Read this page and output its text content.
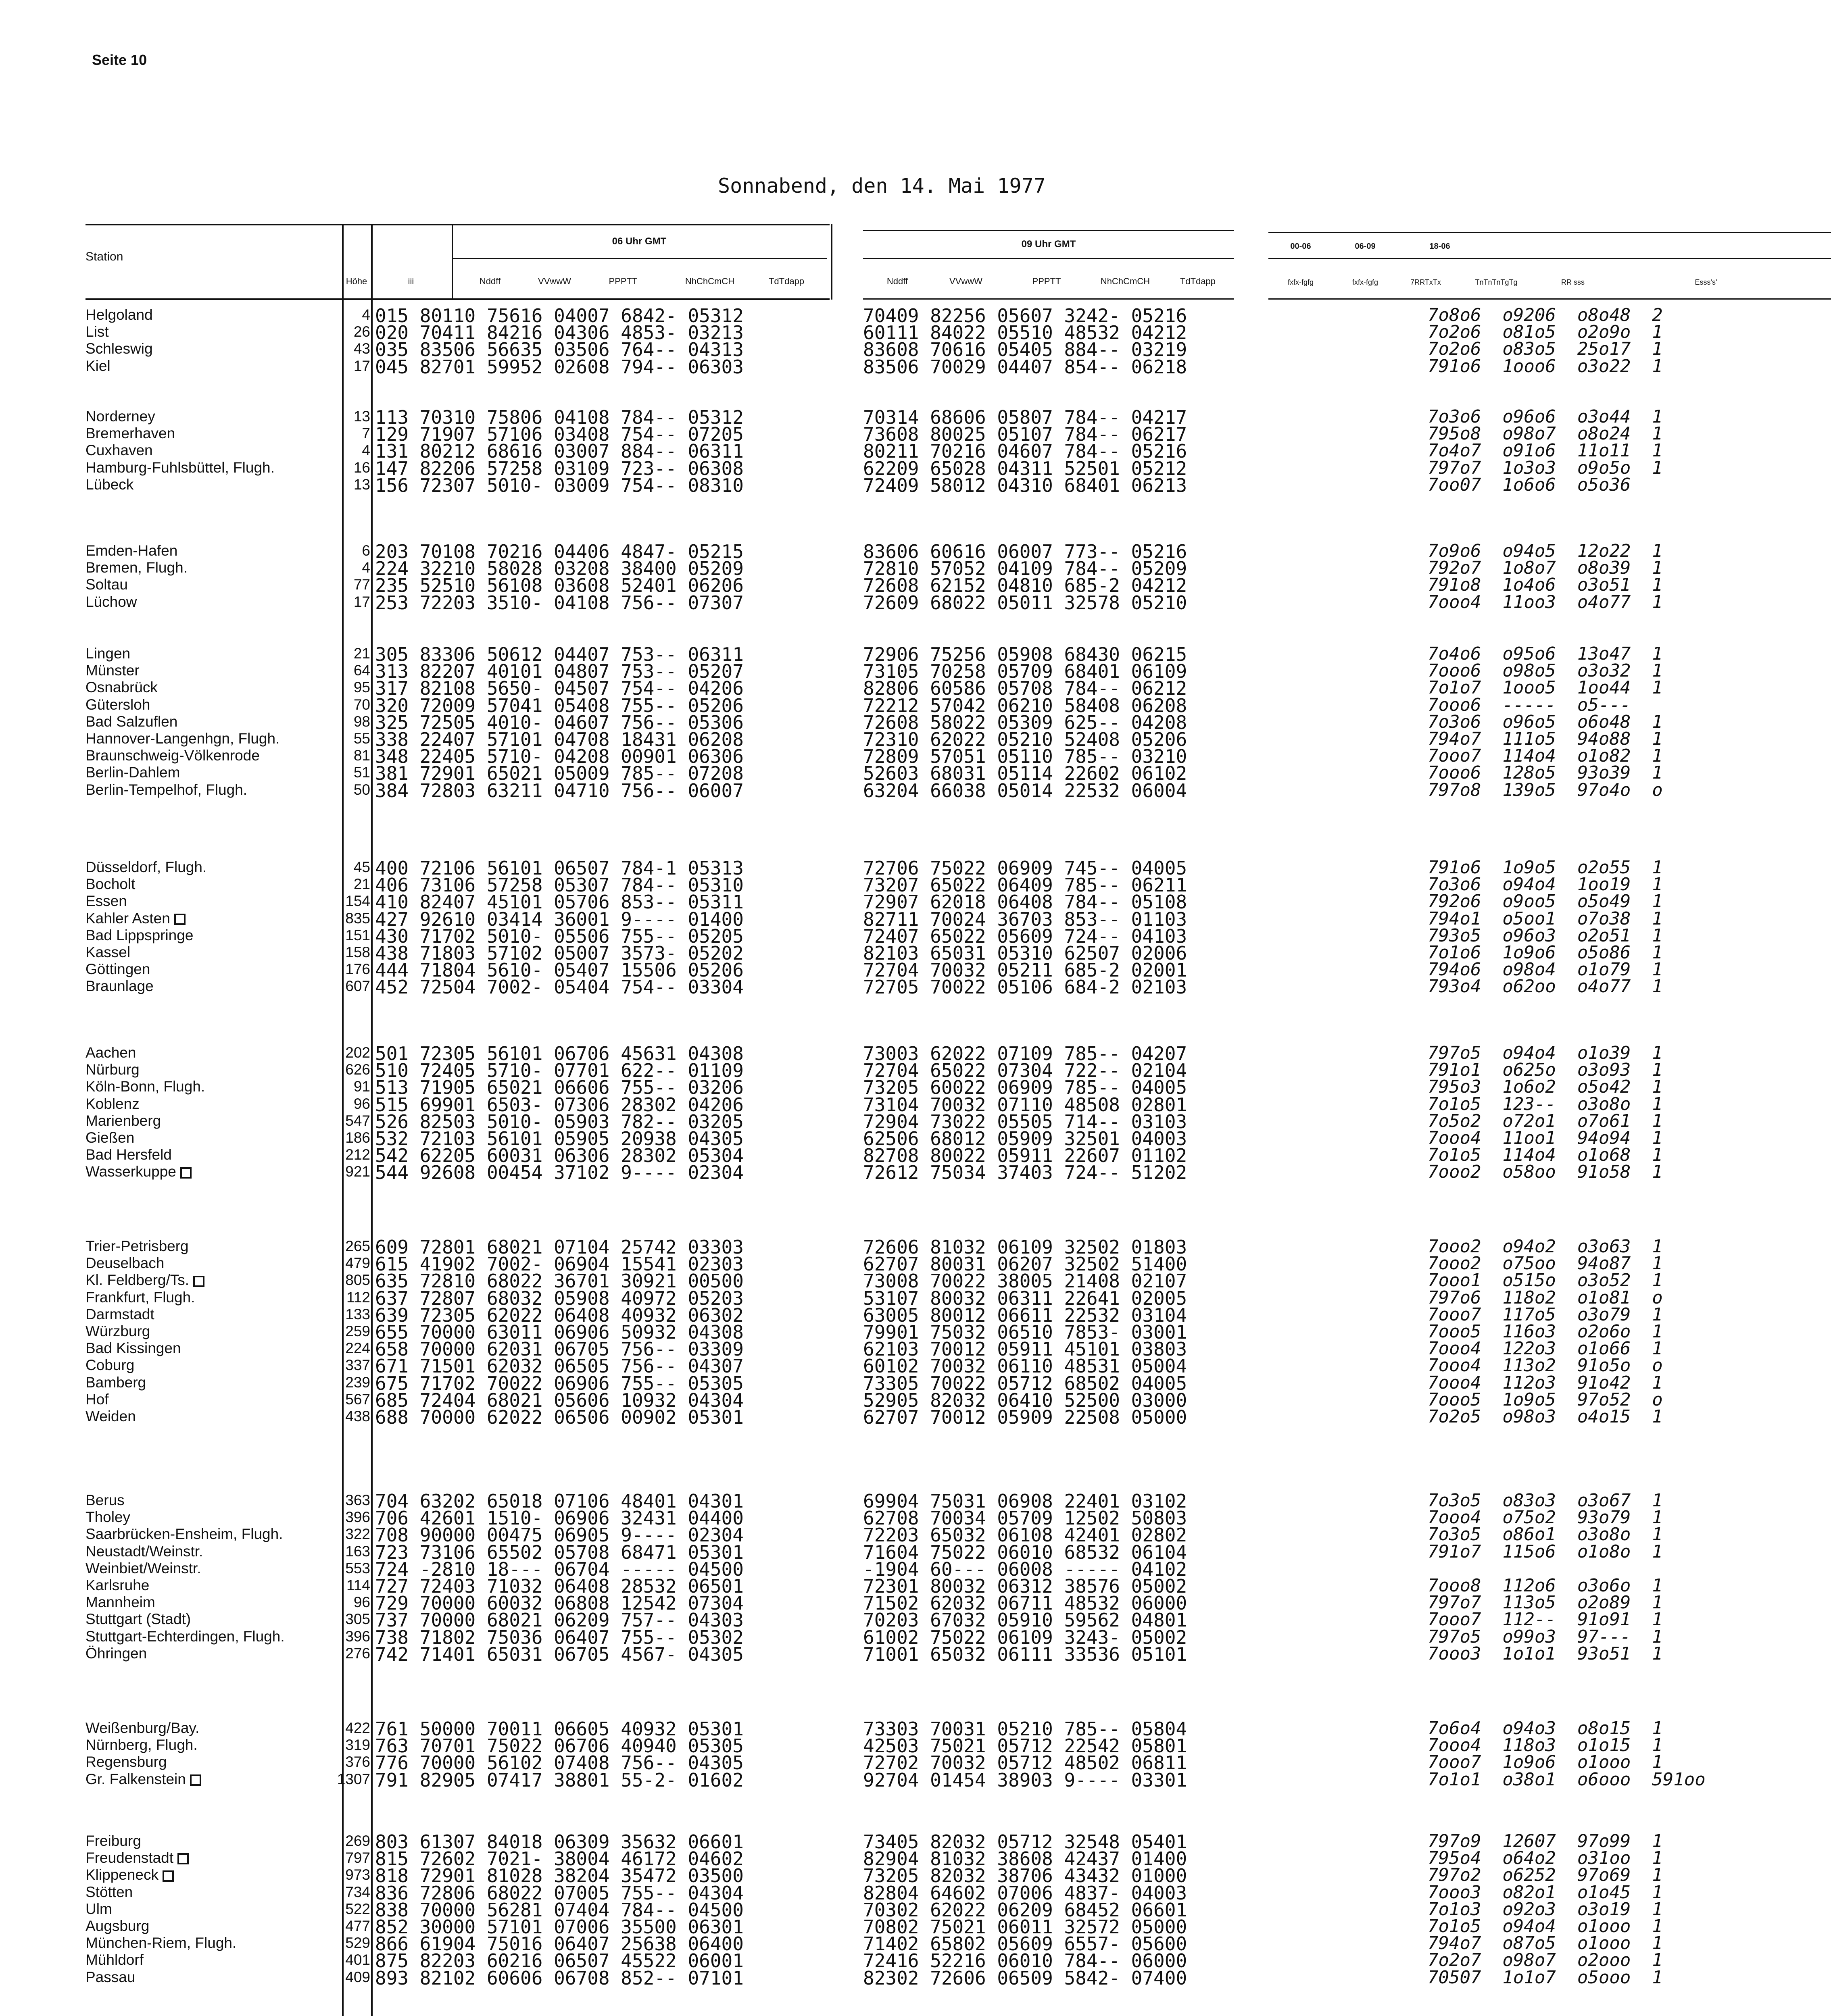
Seite 10
Sonnabend, den 14. Mai 1977
Station
Höhe	iii
06 Uhr GMT	09 Uhr GMT
Nddff	VVwwW	PPPTT	NhChCmCH	TdTdapp	Nddff	VVwwW	PPPTT	NhChCmCH	TdTdapp
00-06	06-09	18-06
fxfx-fgfg	fxfx-fgfg	7RRTxTx	TnTnTnTgTg	RR sss	Esss's'
Helgoland	4 015 80110 75616 04007 6842- 05312	70409 82256 05607 3242- 05216	7o8o6  o9206  o8o48  2
List	26 020 70411 84216 04306 4853- 03213	60111 84022 05510 48532 04212	7o2o6  o81o5  o2o9o  1
Schleswig	43 035 83506 56635 03506 764-- 04313	83608 70616 05405 884-- 03219	7o2o6  o83o5  25o17  1
Kiel	17 045 82701 59952 02608 794-- 06303	83506 70029 04407 854-- 06218	791o6  1ooo6  o3o22  1
Norderney	13 113 70310 75806 04108 784-- 05312	70314 68606 05807 784-- 04217	7o3o6  o96o6  o3o44  1
Bremerhaven	7 129 71907 57106 03408 754-- 07205	73608 80025 05107 784-- 06217	795o8  o98o7  o8o24  1
Cuxhaven	4 131 80212 68616 03007 884-- 06311	80211 70216 04607 784-- 05216	7o4o7  o91o6  11o11  1
Hamburg-Fuhlsbüttel, Flugh.	16 147 82206 57258 03109 723-- 06308	62209 65028 04311 52501 05212	797o7  1o3o3  o9o5o  1
Lübeck	13 156 72307 5010- 03009 754-- 08310	72409 58012 04310 68401 06213	7oo07  1o6o6  o5o36
Emden-Hafen	6 203 70108 70216 04406 4847- 05215	83606 60616 06007 773-- 05216	7o9o6  o94o5  12o22  1
Bremen, Flugh.	4 224 32210 58028 03208 38400 05209	72810 57052 04109 784-- 05209	792o7  1o8o7  o8o39  1
Soltau	77 235 52510 56108 03608 52401 06206	72608 62152 04810 685-2 04212	791o8  1o4o6  o3o51  1
Lüchow	17 253 72203 3510- 04108 756-- 07307	72609 68022 05011 32578 05210	7ooo4  11oo3  o4o77  1
Lingen	21 305 83306 50612 04407 753-- 06311	72906 75256 05908 68430 06215	7o4o6  o95o6  13o47  1
Münster	64 313 82207 40101 04807 753-- 05207	73105 70258 05709 68401 06109	7ooo6  o98o5  o3o32  1
Osnabrück	95 317 82108 5650- 04507 754-- 04206	82806 60586 05708 784-- 06212	7o1o7  1ooo5  1oo44  1
Gütersloh	70 320 72009 57041 05408 755-- 05206	72212 57042 06210 58408 06208	7ooo6  -----  o5---
Bad Salzuflen	98 325 72505 4010- 04607 756-- 05306	72608 58022 05309 625-- 04208	7o3o6  o96o5  o6o48  1
Hannover-Langenhgn, Flugh.	55 338 22407 57101 04708 18431 06208	72310 62022 05210 52408 05206	794o7  111o5  94o88  1
Braunschweig-Völkenrode	81 348 22405 5710- 04208 00901 06306	72809 57051 05110 785-- 03210	7ooo7  114o4  o1o82  1
Berlin-Dahlem	51 381 72901 65021 05009 785-- 07208	52603 68031 05114 22602 06102	7ooo6  128o5  93o39  1
Berlin-Tempelhof, Flugh.	50 384 72803 63211 04710 756-- 06007	63204 66038 05014 22532 06004	797o8  139o5  97o4o  o
Düsseldorf, Flugh.	45 400 72106 56101 06507 784-1 05313	72706 75022 06909 745-- 04005	791o6  1o9o5  o2o55  1
Bocholt	21 406 73106 57258 05307 784-- 05310	73207 65022 06409 785-- 06211	7o3o6  o94o4  1oo19  1
Essen	154 410 82407 45101 05706 853-- 05311	72907 62018 06408 784-- 05108	792o6  o9oo5  o5o49  1
Kahler Asten	835 427 92610 03414 36001 9---- 01400	82711 70024 36703 853-- 01103	794o1  o5oo1  o7o38  1
Bad Lippspringe	151 430 71702 5010- 05506 755-- 05205	72407 65022 05609 724-- 04103	793o5  o96o3  o2o51  1
Kassel	158 438 71803 57102 05007 3573- 05202	82103 65031 05310 62507 02006	7o1o6  1o9o6  o5o86  1
Göttingen	176 444 71804 5610- 05407 15506 05206	72704 70032 05211 685-2 02001	794o6  o98o4  o1o79  1
Braunlage	607 452 72504 7002- 05404 754-- 03304	72705 70022 05106 684-2 02103	793o4  o62oo  o4o77  1
Aachen	202 501 72305 56101 06706 45631 04308	73003 62022 07109 785-- 04207	797o5  o94o4  o1o39  1
Nürburg	626 510 72405 5710- 07701 622-- 01109	72704 65022 07304 722-- 02104	791o1  o625o  o3o93  1
Köln-Bonn, Flugh.	91 513 71905 65021 06606 755-- 03206	73205 60022 06909 785-- 04005	795o3  1o6o2  o5o42  1
Koblenz	96 515 69901 6503- 07306 28302 04206	73104 70032 07110 48508 02801	7o1o5  123--  o3o8o  1
Marienberg	547 526 82503 5010- 05903 782-- 03205	72904 73022 05505 714-- 03103	7o5o2  o72o1  o7o61  1
Gießen	186 532 72103 56101 05905 20938 04305	62506 68012 05909 32501 04003	7ooo4  11oo1  94o94  1
Bad Hersfeld	212 542 62205 60031 06306 28302 05304	82708 80022 05911 22607 01102	7o1o5  114o4  o1o68  1
Wasserkuppe	921 544 92608 00454 37102 9---- 02304	72612 75034 37403 724-- 51202	7ooo2  o58oo  91o58  1
Trier-Petrisberg	265 609 72801 68021 07104 25742 03303	72606 81032 06109 32502 01803	7ooo2  o94o2  o3o63  1
Deuselbach	479 615 41902 7002- 06904 15541 02303	62707 80031 06207 32502 51400	7ooo2  o75oo  94o87  1
Kl. Feldberg/Ts.	805 635 72810 68022 36701 30921 00500	73008 70022 38005 21408 02107	7ooo1  o515o  o3o52  1
Frankfurt, Flugh.	112 637 72807 68032 05908 40972 05203	53107 80032 06311 22641 02005	797o6  118o2  o1o81  o
Darmstadt	133 639 72305 62022 06408 40932 06302	63005 80012 06611 22532 03104	7ooo7  117o5  o3o79  1
Würzburg	259 655 70000 63011 06906 50932 04308	79901 75032 06510 7853- 03001	7ooo5  116o3  o2o6o  1
Bad Kissingen	224 658 70000 62031 06705 756-- 03309	62103 70012 05911 45101 03803	7ooo4  122o3  o1o66  1
Coburg	337 671 71501 62032 06505 756-- 04307	60102 70032 06110 48531 05004	7ooo4  113o2  91o5o  o
Bamberg	239 675 71702 70022 06906 755-- 05305	73305 70022 05712 68502 04005	7ooo4  112o3  91o42  1
Hof	567 685 72404 68021 05606 10932 04304	52905 82032 06410 52500 03000	7ooo5  1o9o5  97o52  o
Weiden	438 688 70000 62022 06506 00902 05301	62707 70012 05909 22508 05000	7o2o5  o98o3  o4o15  1
Berus	363 704 63202 65018 07106 48401 04301	69904 75031 06908 22401 03102	7o3o5  o83o3  o3o67  1
Tholey	396 706 42601 1510- 06906 32431 04400	62708 70034 05709 12502 50803	7ooo4  o75o2  93o79  1
Saarbrücken-Ensheim, Flugh.	322 708 90000 00475 06905 9---- 02304	72203 65032 06108 42401 02802	7o3o5  o86o1  o3o8o  1
Neustadt/Weinstr.	163 723 73106 65502 05708 68471 05301	71604 75022 06010 68532 06104	791o7  115o6  o1o8o  1
Weinbiet/Weinstr.	553 724 -2810 18--- 06704 ----- 04500	-1904 60--- 06008 ----- 04102
Karlsruhe	114 727 72403 71032 06408 28532 06501	72301 80032 06312 38576 05002	7ooo8  112o6  o3o6o  1
Mannheim	96 729 70000 60032 06808 12542 07304	71502 62032 06711 48532 06000	797o7  113o5  o2o89  1
Stuttgart (Stadt)	305 737 70000 68021 06209 757-- 04303	70203 67032 05910 59562 04801	7ooo7  112--  91o91  1
Stuttgart-Echterdingen, Flugh.	396 738 71802 75036 06407 755-- 05302	61002 75022 06109 3243- 05002	797o5  o99o3  97---  1
Öhringen	276 742 71401 65031 06705 4567- 04305	71001 65032 06111 33536 05101	7ooo3  1o1o1  93o51  1
Weißenburg/Bay.	422 761 50000 70011 06605 40932 05301	73303 70031 05210 785-- 05804	7o6o4  o94o3  o8o15  1
Nürnberg, Flugh.	319 763 70701 75022 06706 40940 05305	42503 75021 05712 22542 05801	7ooo4  118o3  o1o15  1
Regensburg	376 776 70000 56102 07408 756-- 04305	72702 70032 05712 48502 06811	7ooo7  1o9o6  o1ooo  1
Gr. Falkenstein	1307 791 82905 07417 38801 55-2- 01602	92704 01454 38903 9---- 03301	7o1o1  o38o1  o6ooo  591oo
Freiburg	269 803 61307 84018 06309 35632 06601	73405 82032 05712 32548 05401	797o9  12607  97o99  1
Freudenstadt	797 815 72602 7021- 38004 46172 04602	82904 81032 38608 42437 01400	795o4  o64o2  o31oo  1
Klippeneck	973 818 72901 81028 38204 35472 03500	73205 82032 38706 43432 01000	797o2  o6252  97o69  1
Stötten	734 836 72806 68022 07005 755-- 04304	82804 64602 07006 4837- 04003	7ooo3  o82o1  o1o45  1
Ulm	522 838 70000 56281 07404 784-- 04500	70302 62022 06209 68452 06601	7o1o3  o92o3  o3o19  1
Augsburg	477 852 30000 57101 07006 35500 06301	70802 75021 06011 32572 05000	7o1o5  o94o4  o1ooo  1
München-Riem, Flugh.	529 866 61904 75016 06407 25638 06400	71402 65802 05609 6557- 05600	794o7  o87o5  o1ooo  1
Mühldorf	401 875 82203 60216 06507 45522 06001	72416 52216 06010 784-- 06000	7o2o7  o98o7  o2ooo  1
Passau	409 893 82102 60606 06708 852-- 07101	82302 72606 06509 5842- 07400	70507  1o1o7  o5ooo  1
